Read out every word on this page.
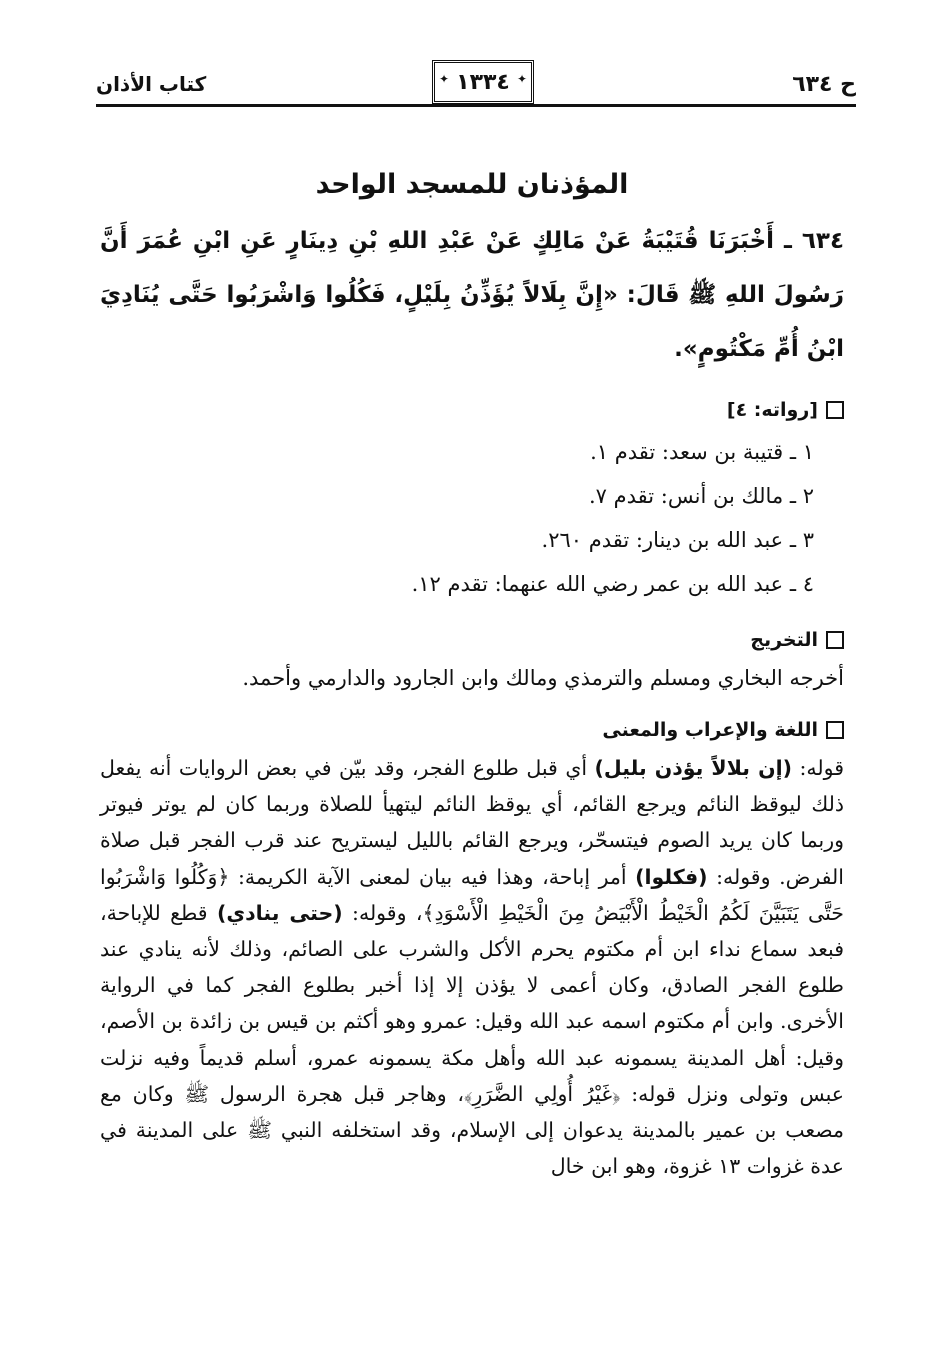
ح ٦٣٤
✦ ١٣٣٤ ✦
كتاب الأذان
المؤذنان للمسجد الواحد
٦٣٤ ـ أَخْبَرَنَا قُتَيْبَةُ عَنْ مَالِكٍ عَنْ عَبْدِ اللهِ بْنِ دِينَارٍ عَنِ ابْنِ عُمَرَ أَنَّ رَسُولَ اللهِ ﷺ قَالَ: «إِنَّ بِلَالاً يُؤَذِّنُ بِلَيْلٍ، فَكُلُوا وَاشْرَبُوا حَتَّى يُنَادِيَ ابْنُ أُمِّ مَكْتُومٍ».
[رواته: ٤]
١ ـ قتيبة بن سعد: تقدم ١.
٢ ـ مالك بن أنس: تقدم ٧.
٣ ـ عبد الله بن دينار: تقدم ٢٦٠.
٤ ـ عبد الله بن عمر رضي الله عنهما: تقدم ١٢.
التخريج

أخرجه البخاري ومسلم والترمذي ومالك وابن الجارود والدارمي وأحمد.

اللغة والإعراب والمعنى

قوله: (إن بلالاً يؤذن بليل) أي قبل طلوع الفجر، وقد بيّن في بعض الروايات أنه يفعل ذلك ليوقظ النائم ويرجع القائم، أي يوقظ النائم ليتهيأ للصلاة وربما كان لم يوتر فيوتر وربما كان يريد الصوم فيتسحّر، ويرجع القائم بالليل ليستريح عند قرب الفجر قبل صلاة الفرض. وقوله: (فكلوا) أمر إباحة، وهذا فيه بيان لمعنى الآية الكريمة: ﴿وَكُلُوا وَاشْرَبُوا حَتَّى يَتَبَيَّنَ لَكُمُ الْخَيْطُ الْأَبْيَضُ مِنَ الْخَيْطِ الْأَسْوَدِ﴾، وقوله: (حتى ينادي) قطع للإباحة، فبعد سماع نداء ابن أم مكتوم يحرم الأكل والشرب على الصائم، وذلك لأنه ينادي عند طلوع الفجر الصادق، وكان أعمى لا يؤذن إلا إذا أخبر بطلوع الفجر كما في الرواية الأخرى. وابن أم مكتوم اسمه عبد الله وقيل: عمرو وهو أكثم بن قيس بن زائدة بن الأصم، وقيل: أهل المدينة يسمونه عبد الله وأهل مكة يسمونه عمرو، أسلم قديماً وفيه نزلت عبس وتولى ونزل قوله: ﴿غَيْرُ أُولِي الضَّرَرِ﴾، وهاجر قبل هجرة الرسول ﷺ وكان مع مصعب بن عمير بالمدينة يدعوان إلى الإسلام، وقد استخلفه النبي ﷺ على المدينة في عدة غزوات ١٣ غزوة، وهو ابن خال
